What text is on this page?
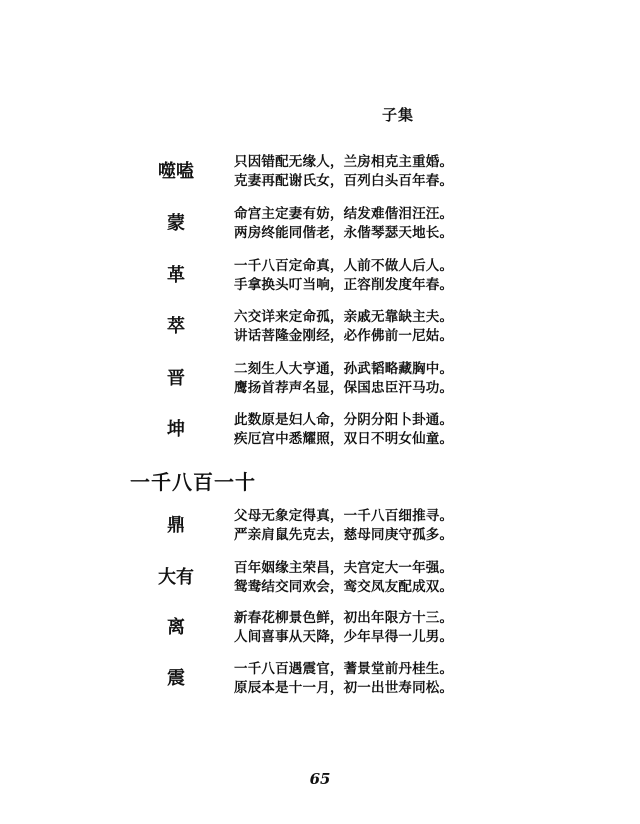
子集
噬嗑	只因错配无缘人，兰房相克主重婚。
克妻再配谢氏女，百列白头百年春。
蒙	命宫主定妻有妨，结发难偕泪汪汪。
两房终能同偕老，永偕琴瑟天地长。
革	一千八百定命真，人前不做人后人。
手拿换头叮当响，正容削发度年春。
萃	六交详来定命孤，亲戚无靠缺主夫。
讲话菩隆金刚经，必作佛前一尼姑。
晋	二刻生人大亨通，孙武韬略藏胸中。
鹰扬首荐声名显，保国忠臣汗马功。
坤	此数原是妇人命，分阴分阳卜卦通。
疾厄宫中悉耀照，双日不明女仙童。
一千八百一十
鼎	父母无象定得真，一千八百细推寻。
严亲肩鼠先克去，慈母同庚守孤多。
大有	百年姻缘主荣昌，夫宫定大一年强。
鸳鸯结交同欢会，鸾交凤友配成双。
离	新春花柳景色鲜，初出年限方十三。
人间喜事从天降，少年早得一儿男。
震	一千八百遇震官，蓍景堂前丹桂生。
原辰本是十一月，初一出世寿同松。
65
